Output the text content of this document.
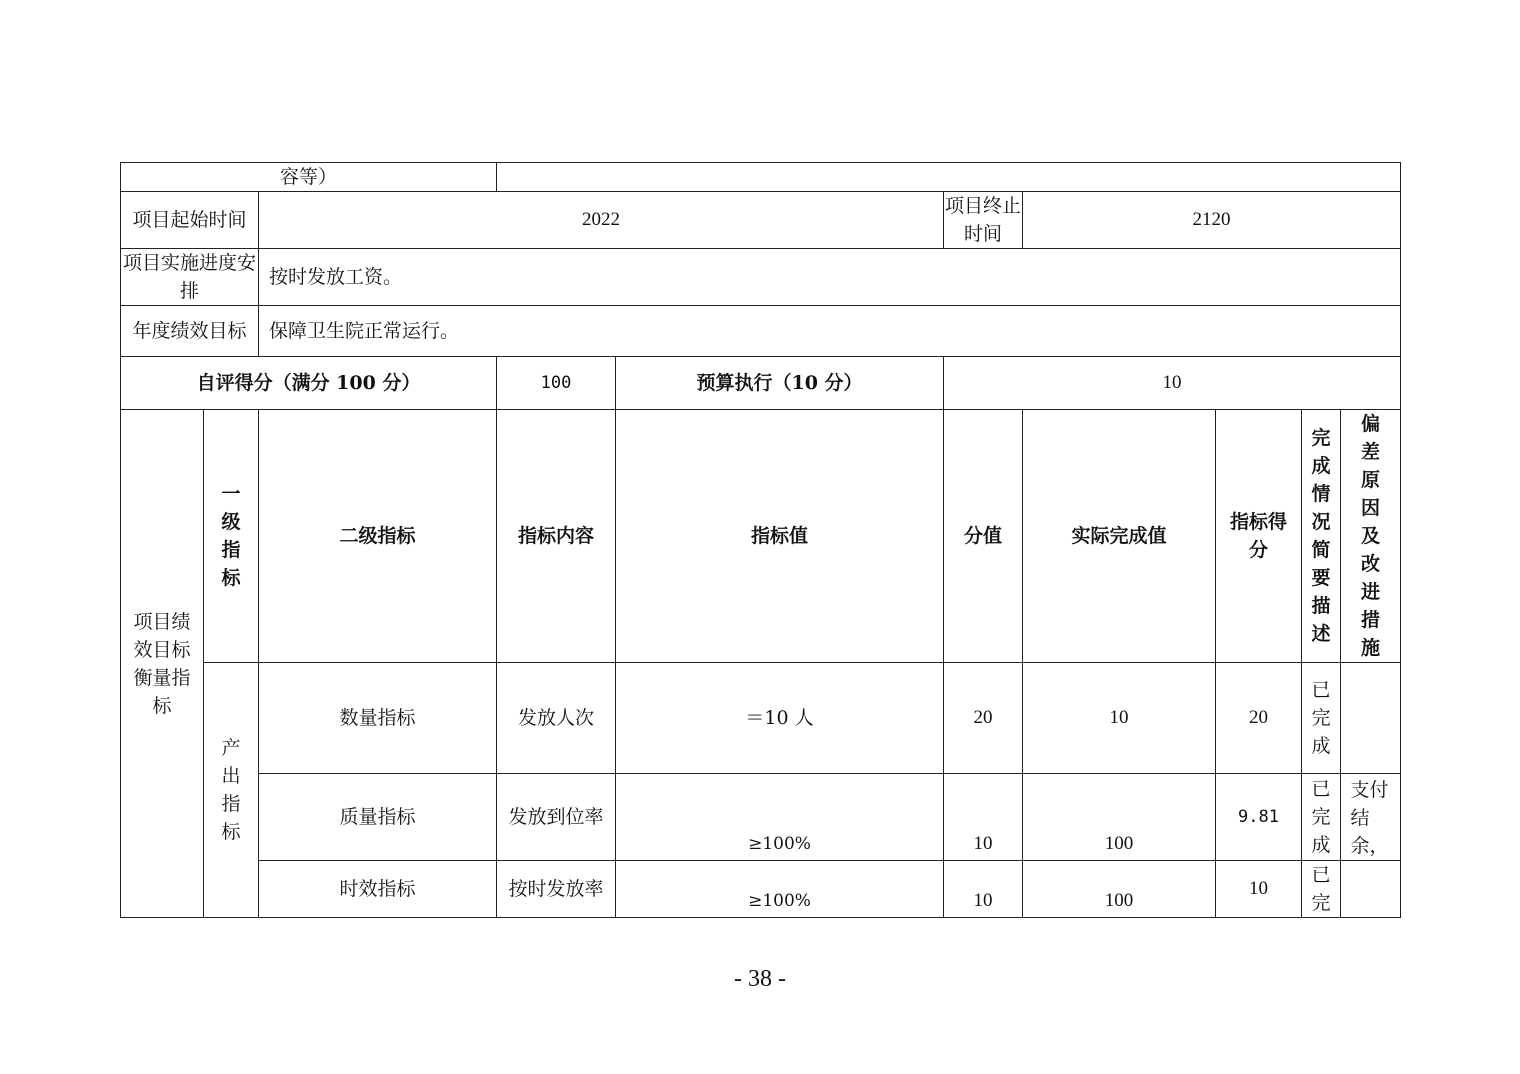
容等）									
项目起始时间		2022			项目终止时间	2120			
项目实施进度安排		按时发放工资。							
年度绩效目标		保障卫生院正常运行。							
自评得分（满分 100 分）			100	预算执行（10 分）	10				
项目绩效目标衡量指标	一级指标	二级指标	指标内容	指标值	分值	实际完成值	指标得分	完成情况简要描述	偏差原因及改进措施
	产出指标	数量指标	发放人次	＝10 人	20	10	20	已完成	
		质量指标	发放到位率	≥100%	10	100	9.81	已完成	支付结余，
		时效指标	按时发放率	≥100%	10	100	10	已完	
- 38 -
